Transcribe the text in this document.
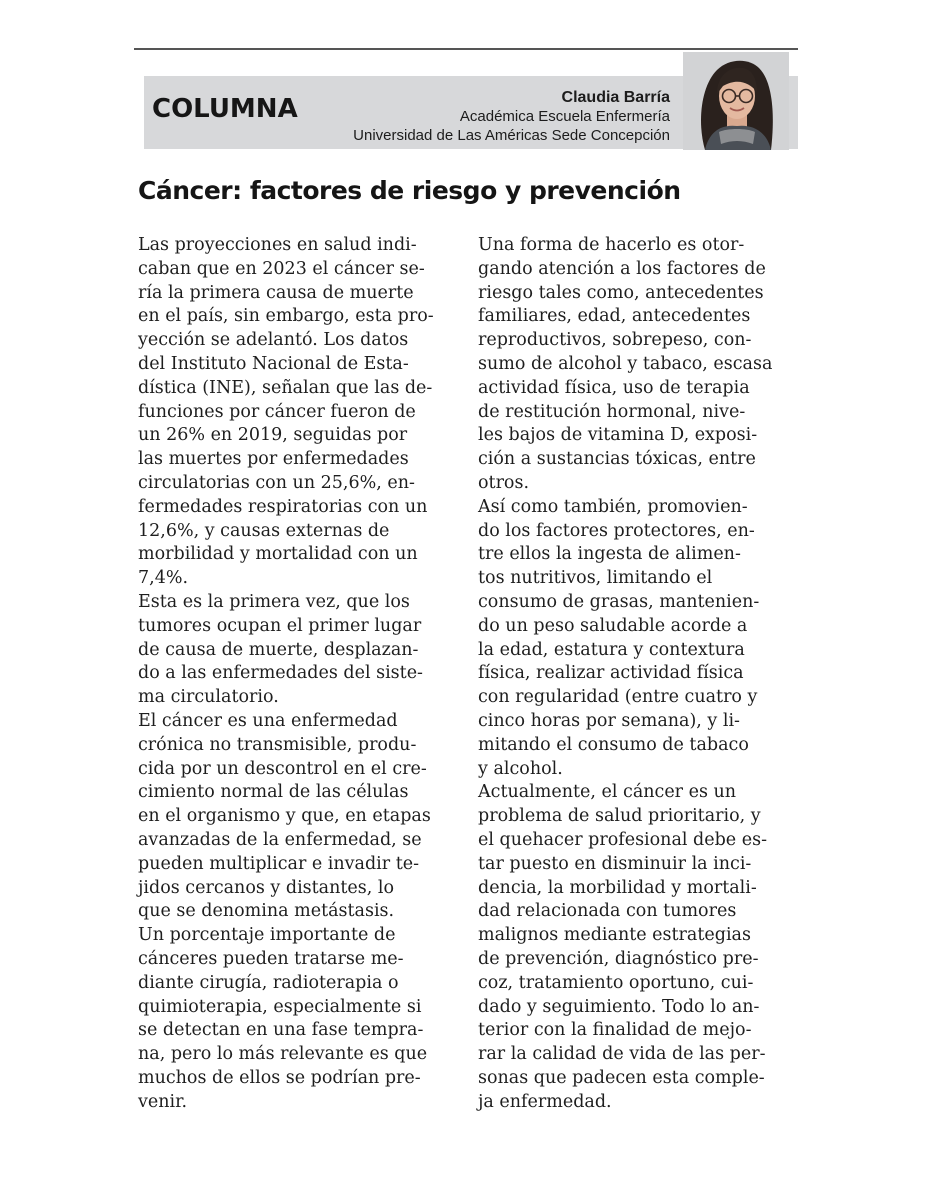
COLUMNA	Claudia Barría
Académica Escuela Enfermería
Universidad de Las Américas Sede Concepción
Cáncer: factores de riesgo y prevención
Las proyecciones en salud indi-
caban que en 2023 el cáncer se-
ría la primera causa de muerte
en el país, sin embargo, esta pro-
yección se adelantó. Los datos
del Instituto Nacional de Esta-
dística (INE), señalan que las de-
funciones por cáncer fueron de
un 26% en 2019, seguidas por
las muertes por enfermedades
circulatorias con un 25,6%, en-
fermedades respiratorias con un
12,6%, y causas externas de
morbilidad y mortalidad con un
7,4%.
Esta es la primera vez, que los
tumores ocupan el primer lugar
de causa de muerte, desplazan-
do a las enfermedades del siste-
ma circulatorio.
El cáncer es una enfermedad
crónica no transmisible, produ-
cida por un descontrol en el cre-
cimiento normal de las células
en el organismo y que, en etapas
avanzadas de la enfermedad, se
pueden multiplicar e invadir te-
jidos cercanos y distantes, lo
que se denomina metástasis.
Un porcentaje importante de
cánceres pueden tratarse me-
diante cirugía, radioterapia o
quimioterapia, especialmente si
se detectan en una fase tempra-
na, pero lo más relevante es que
muchos de ellos se podrían pre-
venir.
Una forma de hacerlo es otor-
gando atención a los factores de
riesgo tales como, antecedentes
familiares, edad, antecedentes
reproductivos, sobrepeso, con-
sumo de alcohol y tabaco, escasa
actividad física, uso de terapia
de restitución hormonal, nive-
les bajos de vitamina D, exposi-
ción a sustancias tóxicas, entre
otros.
Así como también, promovien-
do los factores protectores, en-
tre ellos la ingesta de alimen-
tos nutritivos, limitando el
consumo de grasas, mantenien-
do un peso saludable acorde a
la edad, estatura y contextura
física, realizar actividad física
con regularidad (entre cuatro y
cinco horas por semana), y li-
mitando el consumo de tabaco
y alcohol.
Actualmente, el cáncer es un
problema de salud prioritario, y
el quehacer profesional debe es-
tar puesto en disminuir la inci-
dencia, la morbilidad y mortali-
dad relacionada con tumores
malignos mediante estrategias
de prevención, diagnóstico pre-
coz, tratamiento oportuno, cui-
dado y seguimiento. Todo lo an-
terior con la finalidad de mejo-
rar la calidad de vida de las per-
sonas que padecen esta comple-
ja enfermedad.
